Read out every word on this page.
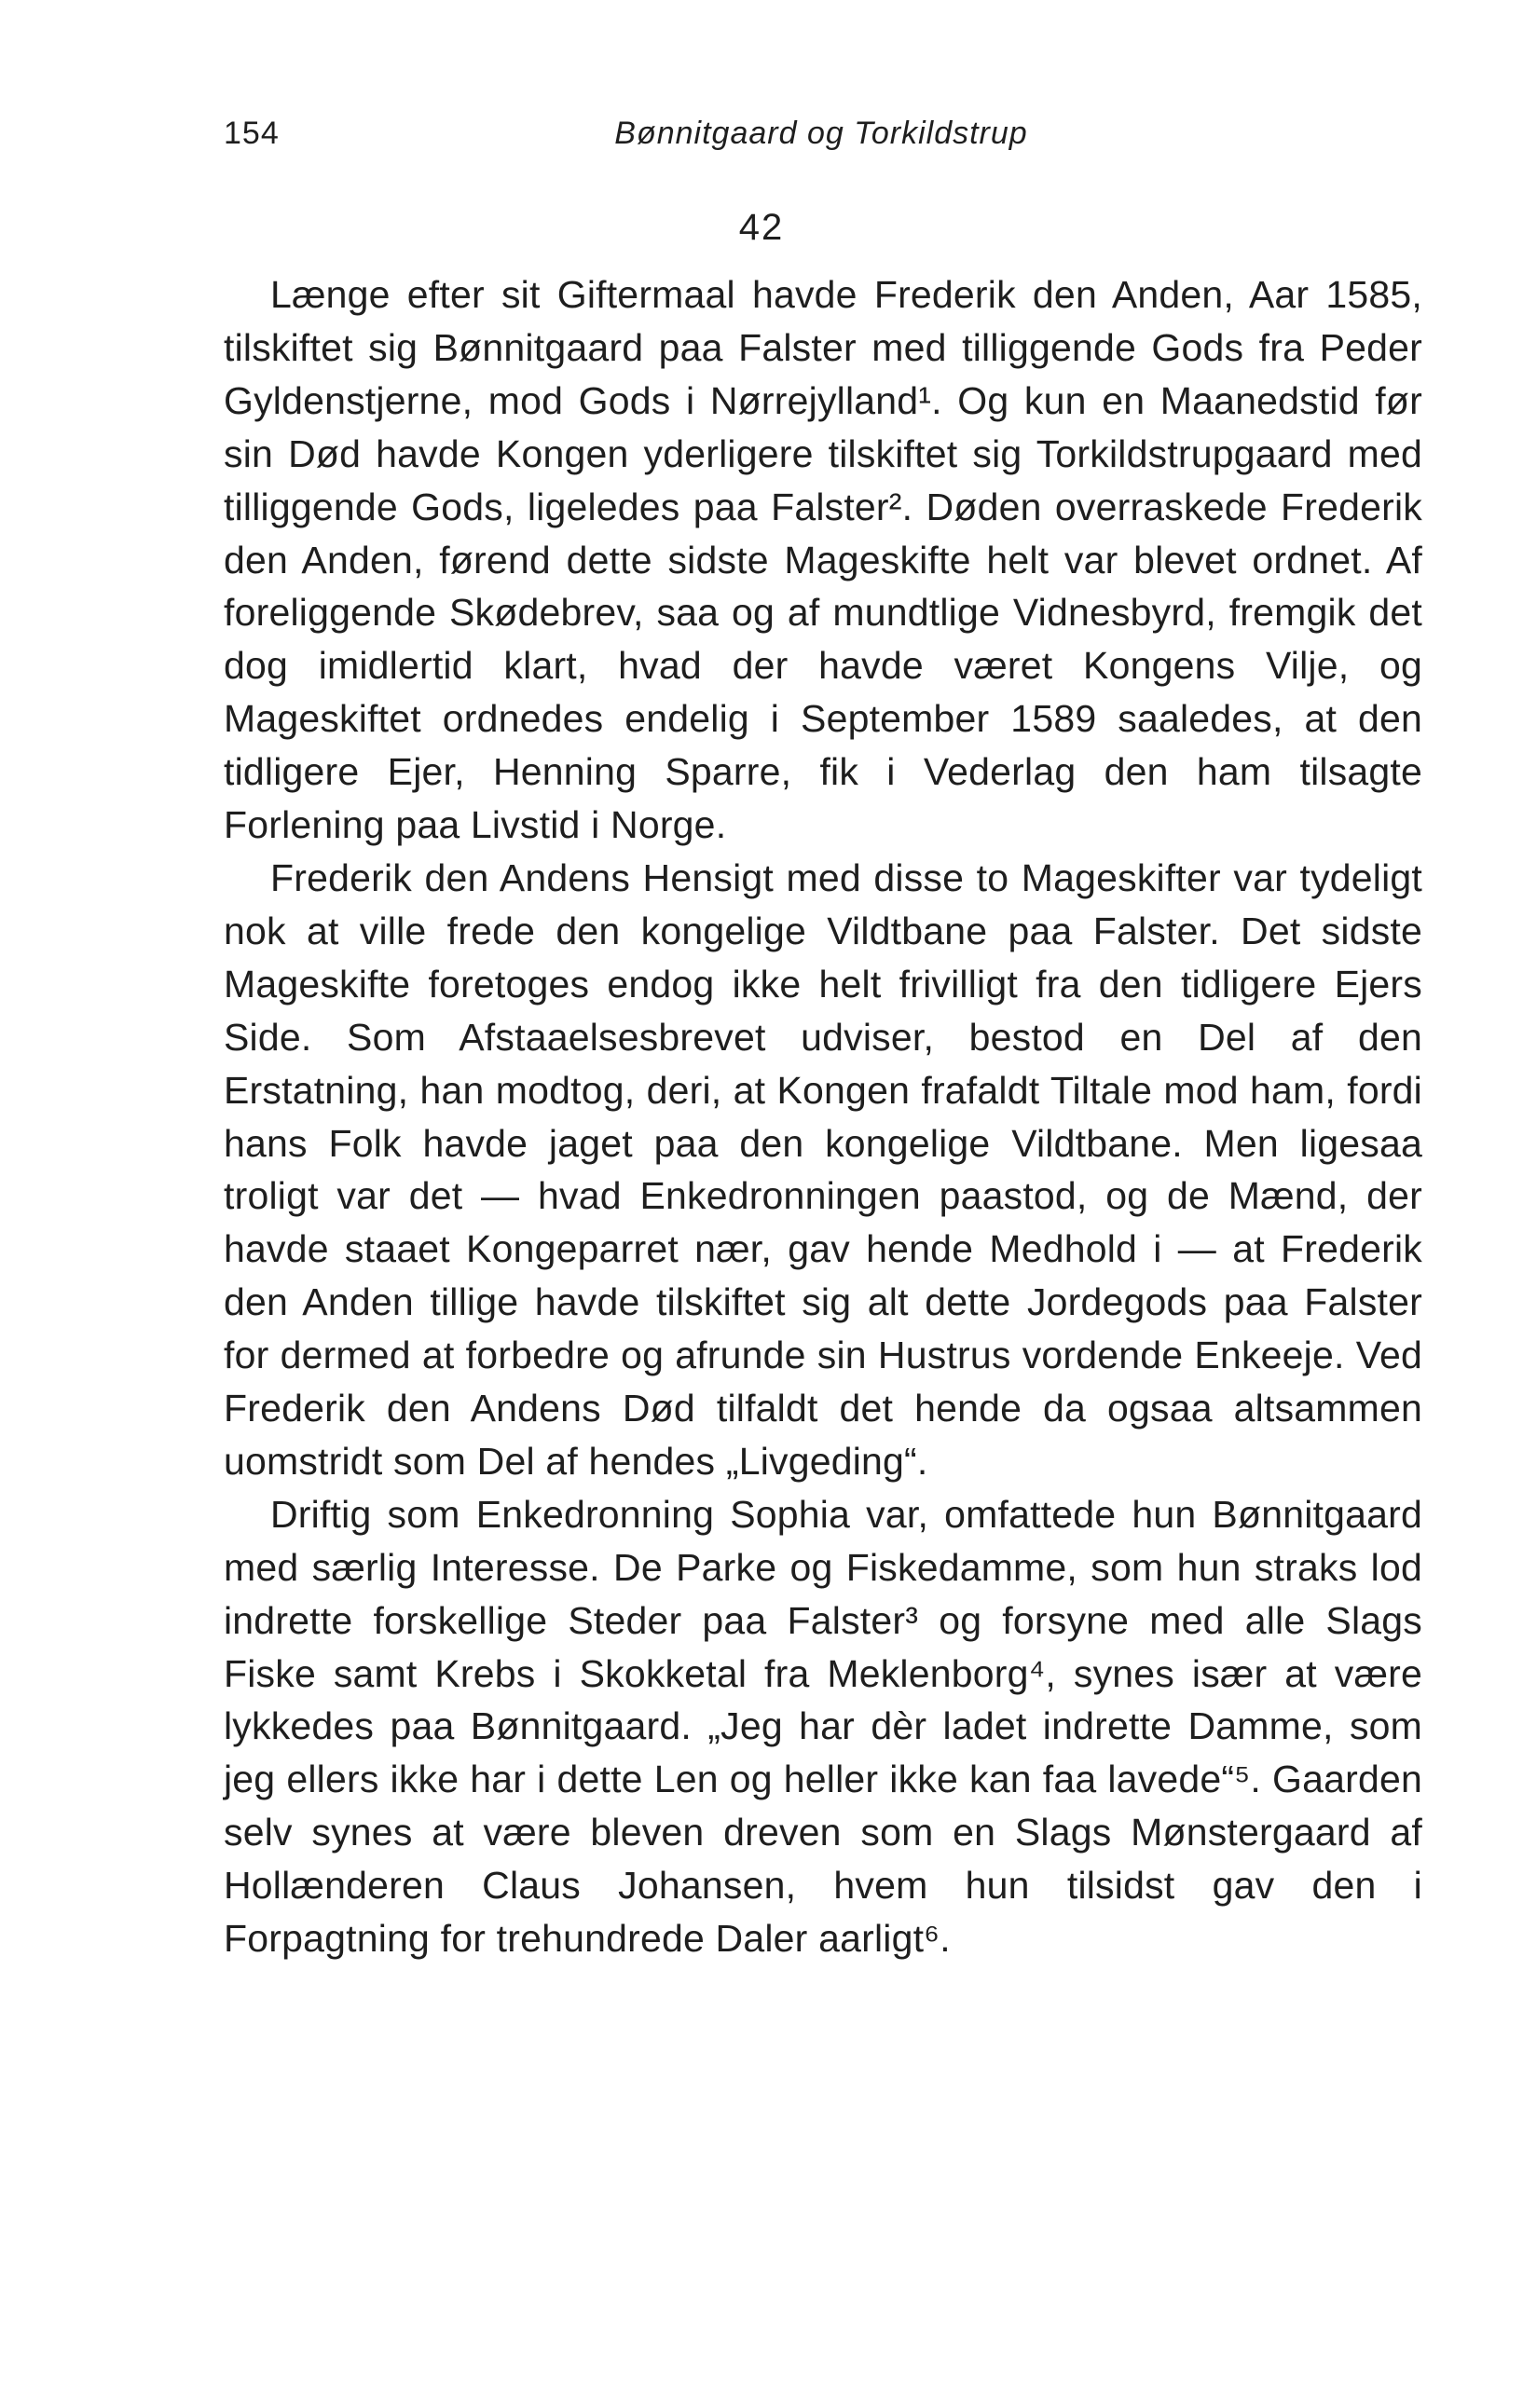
154	Bønnitgaard og Torkildstrup
42

Længe efter sit Giftermaal havde Frederik den Anden, Aar 1585, tilskiftet sig Bønnitgaard paa Falster med tilliggende Gods fra Peder Gyldenstjerne, mod Gods i Nørrejylland¹. Og kun en Maanedstid før sin Død havde Kongen yderligere tilskiftet sig Torkildstrupgaard med tilliggende Gods, ligeledes paa Falster². Døden overraskede Frederik den Anden, førend dette sidste Mageskifte helt var blevet ordnet. Af foreliggende Skødebrev, saa og af mundtlige Vidnesbyrd, fremgik det dog imidlertid klart, hvad der havde været Kongens Vilje, og Mageskiftet ordnedes endelig i September 1589 saaledes, at den tidligere Ejer, Henning Sparre, fik i Vederlag den ham tilsagte Forlening paa Livstid i Norge.

Frederik den Andens Hensigt med disse to Mageskifter var tydeligt nok at ville frede den kongelige Vildtbane paa Falster. Det sidste Mageskifte foretoges endog ikke helt frivilligt fra den tidligere Ejers Side. Som Afstaaelsesbrevet udviser, bestod en Del af den Erstatning, han modtog, deri, at Kongen frafaldt Tiltale mod ham, fordi hans Folk havde jaget paa den kongelige Vildtbane. Men ligesaa troligt var det — hvad Enkedronningen paastod, og de Mænd, der havde staaet Kongeparret nær, gav hende Medhold i — at Frederik den Anden tillige havde tilskiftet sig alt dette Jordegods paa Falster for dermed at forbedre og afrunde sin Hustrus vordende Enkeeje. Ved Frederik den Andens Død tilfaldt det hende da ogsaa altsammen uomstridt som Del af hendes „Livgeding“.

Driftig som Enkedronning Sophia var, omfattede hun Bønnitgaard med særlig Interesse. De Parke og Fiskedamme, som hun straks lod indrette forskellige Steder paa Falster³ og forsyne med alle Slags Fiske samt Krebs i Skokketal fra Meklenborg⁴, synes især at være lykkedes paa Bønnitgaard. „Jeg har dèr ladet indrette Damme, som jeg ellers ikke har i dette Len og heller ikke kan faa lavede“⁵. Gaarden selv synes at være bleven dreven som en Slags Mønstergaard af Hollænderen Claus Johansen, hvem hun tilsidst gav den i Forpagtning for trehundrede Daler aarligt⁶.
